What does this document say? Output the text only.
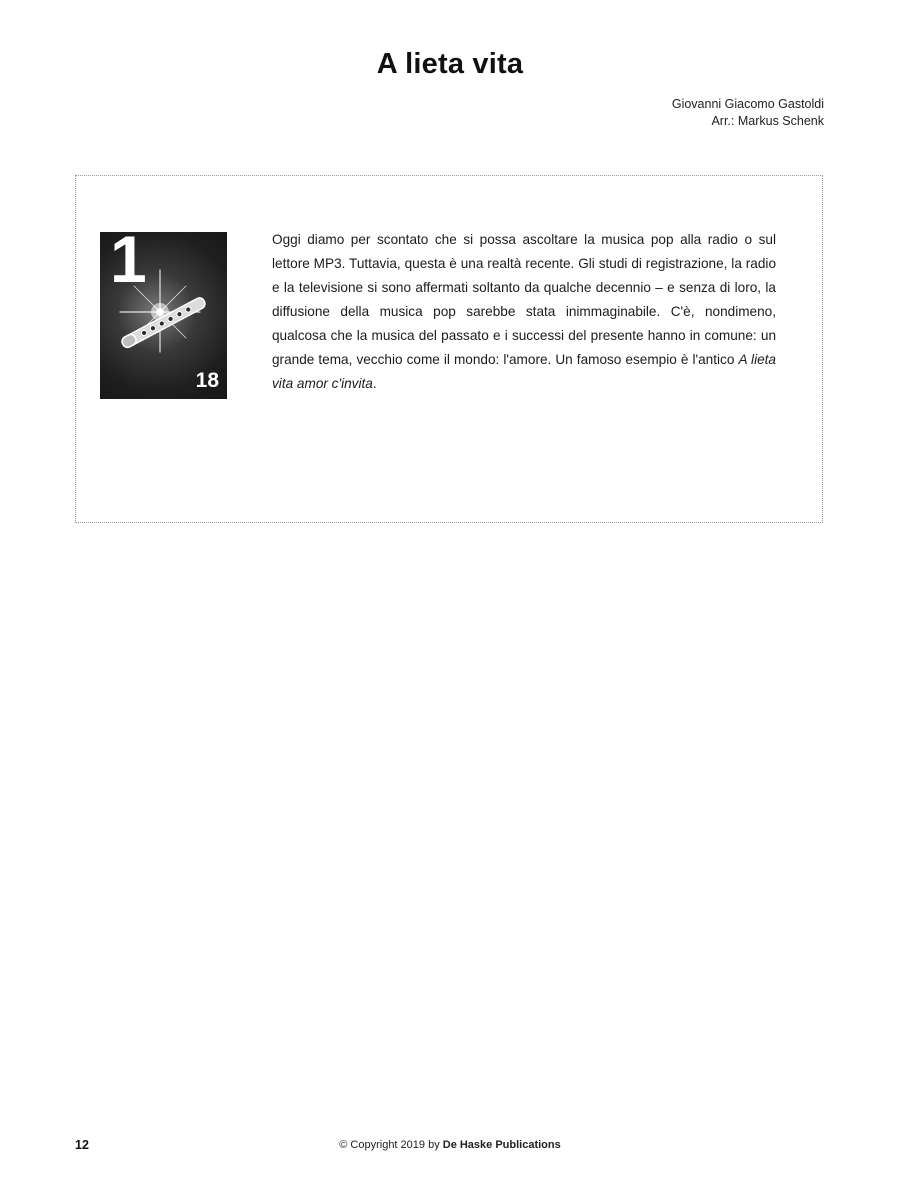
A lieta vita
Giovanni Giacomo Gastoldi
Arr.: Markus Schenk
1
18
Oggi diamo per scontato che si possa ascoltare la musica pop alla radio o sul lettore MP3. Tuttavia, questa è una realtà recente. Gli studi di registrazione, la radio e la televisione si sono affermati soltanto da qualche decennio – e senza di loro, la diffusione della musica pop sarebbe stata inimmaginabile. C'è, nondimeno, qualcosa che la musica del passato e i successi del presente hanno in comune: un grande tema, vecchio come il mondo: l'amore. Un famoso esempio è l'antico A lieta vita amor c'invita.
12	© Copyright 2019 by De Haske Publications
